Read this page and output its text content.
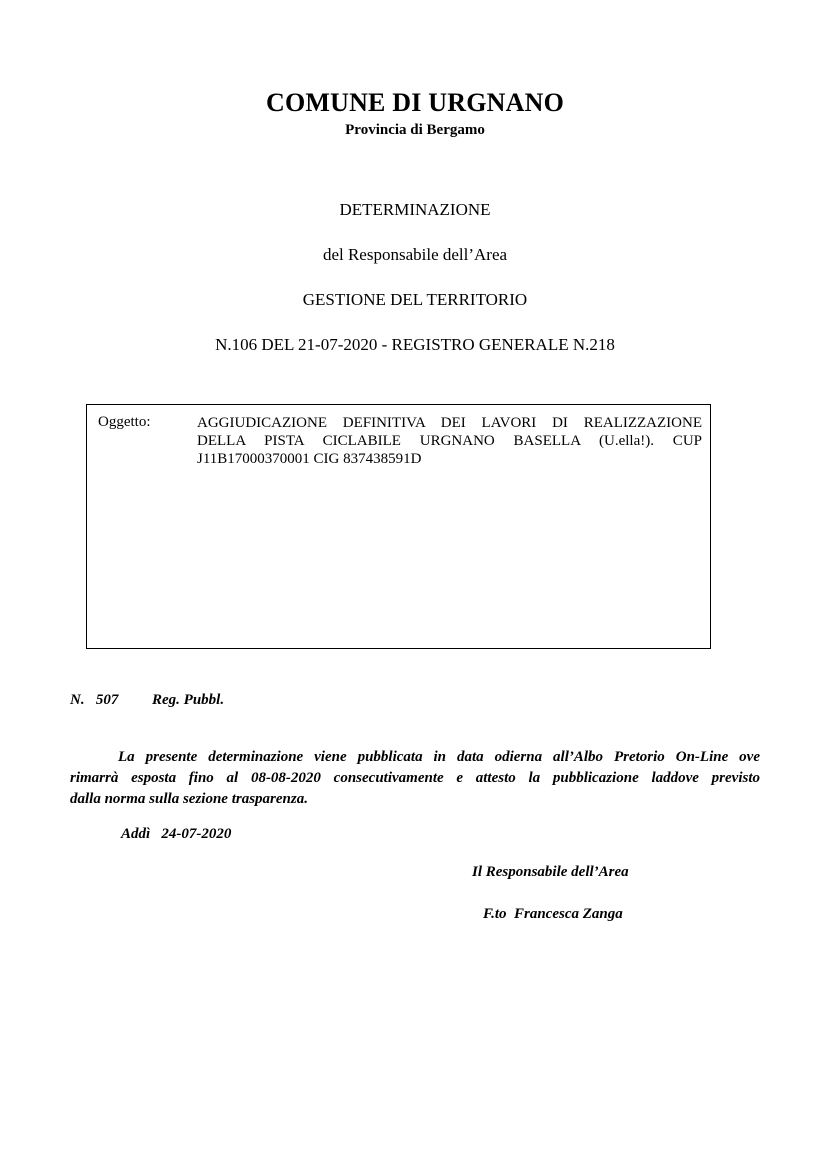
COMUNE DI URGNANO
Provincia di Bergamo
DETERMINAZIONE
del Responsabile dell’Area
GESTIONE DEL TERRITORIO
N.106 DEL 21-07-2020 - REGISTRO GENERALE N.218
Oggetto:	AGGIUDICAZIONE DEFINITIVA DEI LAVORI DI REALIZZAZIONE
DELLA PISTA CICLABILE URGNANO BASELLA (U.ella!). CUP
J11B17000370001 CIG 837438591D
N.   507 Reg. Pubbl.
La presente determinazione viene pubblicata in data odierna all’Albo Pretorio On-Line ove
rimarrà esposta fino al 08-08-2020 consecutivamente e attesto la pubblicazione laddove previsto
dalla norma sulla sezione trasparenza.
Addì   24-07-2020
Il Responsabile dell’Area
F.to  Francesca Zanga
